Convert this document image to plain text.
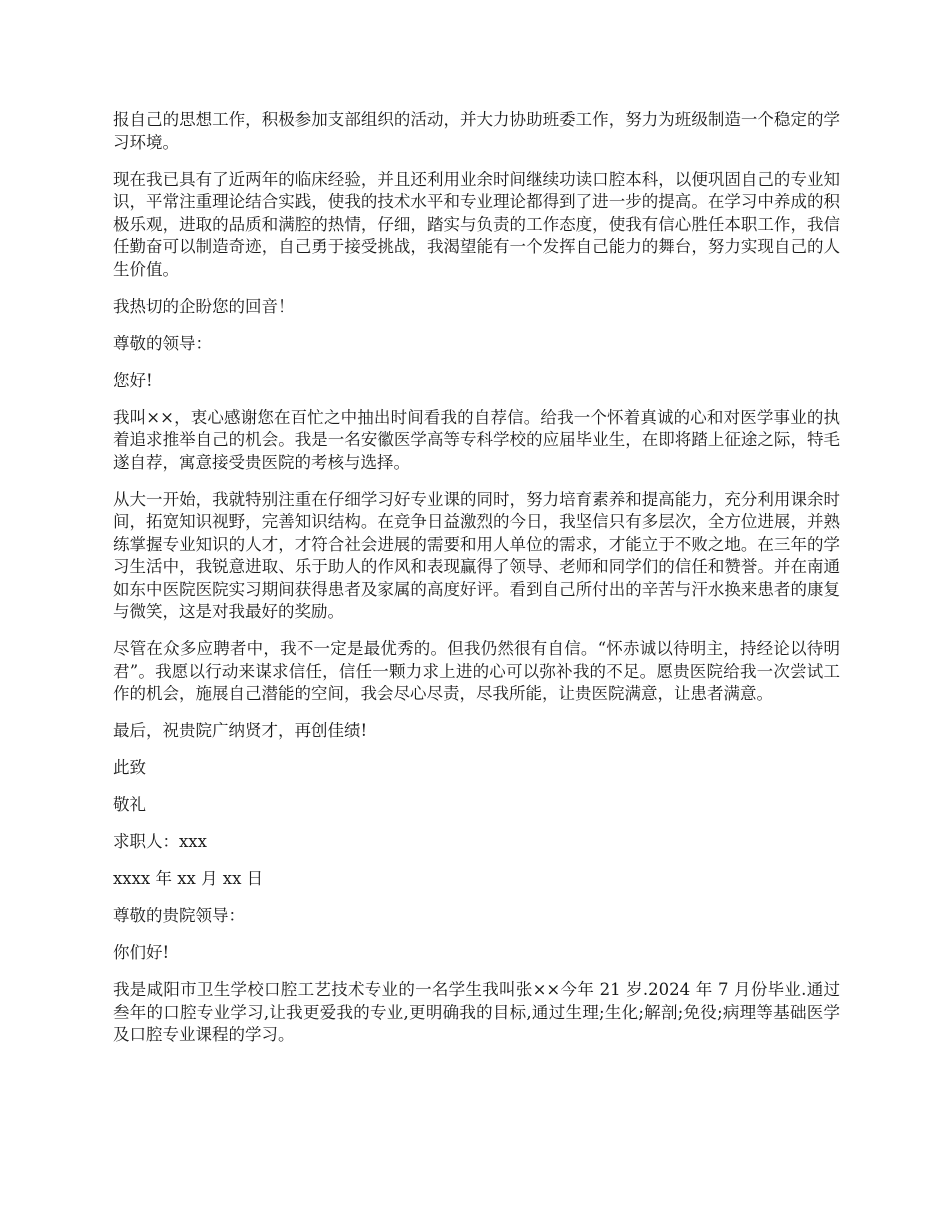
报自己的思想工作，积极参加支部组织的活动，并大力协助班委工作，努力为班级制造一个稳定的学习环境。

现在我已具有了近两年的临床经验，并且还利用业余时间继续功读口腔本科，以便巩固自己的专业知识，平常注重理论结合实践，使我的技术水平和专业理论都得到了进一步的提高。在学习中养成的积极乐观，进取的品质和满腔的热情，仔细，踏实与负责的工作态度，使我有信心胜任本职工作，我信任勤奋可以制造奇迹，自己勇于接受挑战，我渴望能有一个发挥自己能力的舞台，努力实现自己的人生价值。

我热切的企盼您的回音！

尊敬的领导：

您好!

我叫××，衷心感谢您在百忙之中抽出时间看我的自荐信。给我一个怀着真诚的心和对医学事业的执着追求推举自己的机会。我是一名安徽医学高等专科学校的应届毕业生，在即将踏上征途之际，特毛遂自荐，寓意接受贵医院的考核与选择。

从大一开始，我就特别注重在仔细学习好专业课的同时，努力培育素养和提高能力，充分利用课余时间，拓宽知识视野，完善知识结构。在竞争日益激烈的今日，我坚信只有多层次，全方位进展，并熟练掌握专业知识的人才，才符合社会进展的需要和用人单位的需求，才能立于不败之地。在三年的学习生活中，我锐意进取、乐于助人的作风和表现赢得了领导、老师和同学们的信任和赞誉。并在南通如东中医院医院实习期间获得患者及家属的高度好评。看到自己所付出的辛苦与汗水换来患者的康复与微笑，这是对我最好的奖励。

尽管在众多应聘者中，我不一定是最优秀的。但我仍然很有自信。“怀赤诚以待明主，持经论以待明君”。我愿以行动来谋求信任，信任一颗力求上进的心可以弥补我的不足。愿贵医院给我一次尝试工作的机会，施展自己潜能的空间，我会尽心尽责，尽我所能，让贵医院满意，让患者满意。

最后，祝贵院广纳贤才，再创佳绩!

此致

敬礼

求职人：xxx

xxxx 年 xx 月 xx 日

尊敬的贵院领导：

你们好!

我是咸阳市卫生学校口腔工艺技术专业的一名学生我叫张××今年 21 岁.2024 年 7 月份毕业.通过叁年的口腔专业学习,让我更爱我的专业,更明确我的目标,通过生理;生化;解剖;免役;病理等基础医学及口腔专业课程的学习。
